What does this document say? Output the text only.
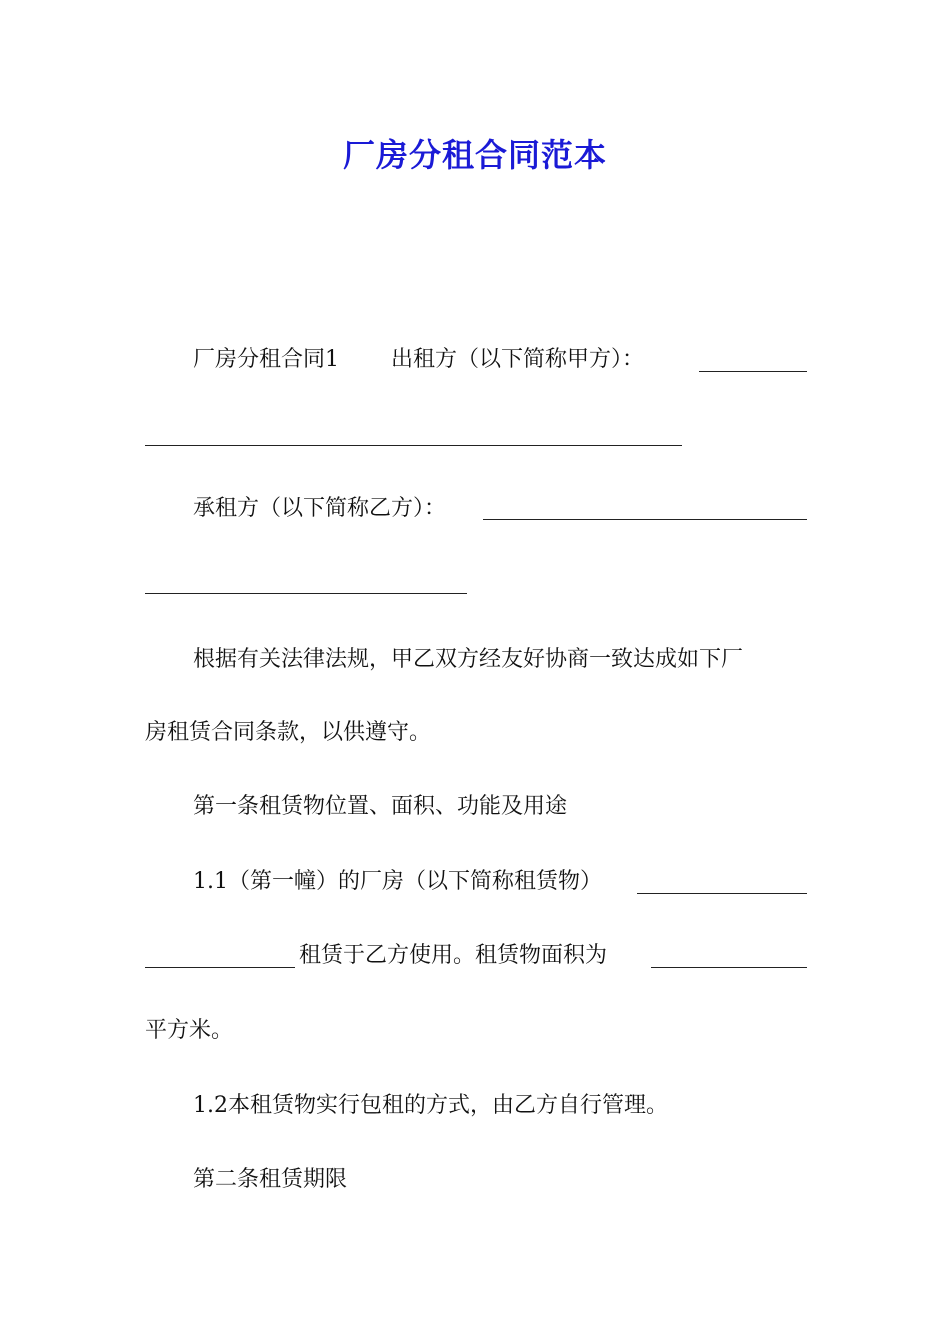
厂房分租合同范本
厂房分租合同1 出租方（以下简称甲方）：
承租方（以下简称乙方）：
根据有关法律法规，甲乙双方经友好协商一致达成如下厂
房租赁合同条款，以供遵守。
第一条租赁物位置、面积、功能及用途
1.1（第一幢）的厂房（以下简称租赁物）
租赁于乙方使用。租赁物面积为
平方米。
1.2本租赁物实行包租的方式，由乙方自行管理。
第二条租赁期限
